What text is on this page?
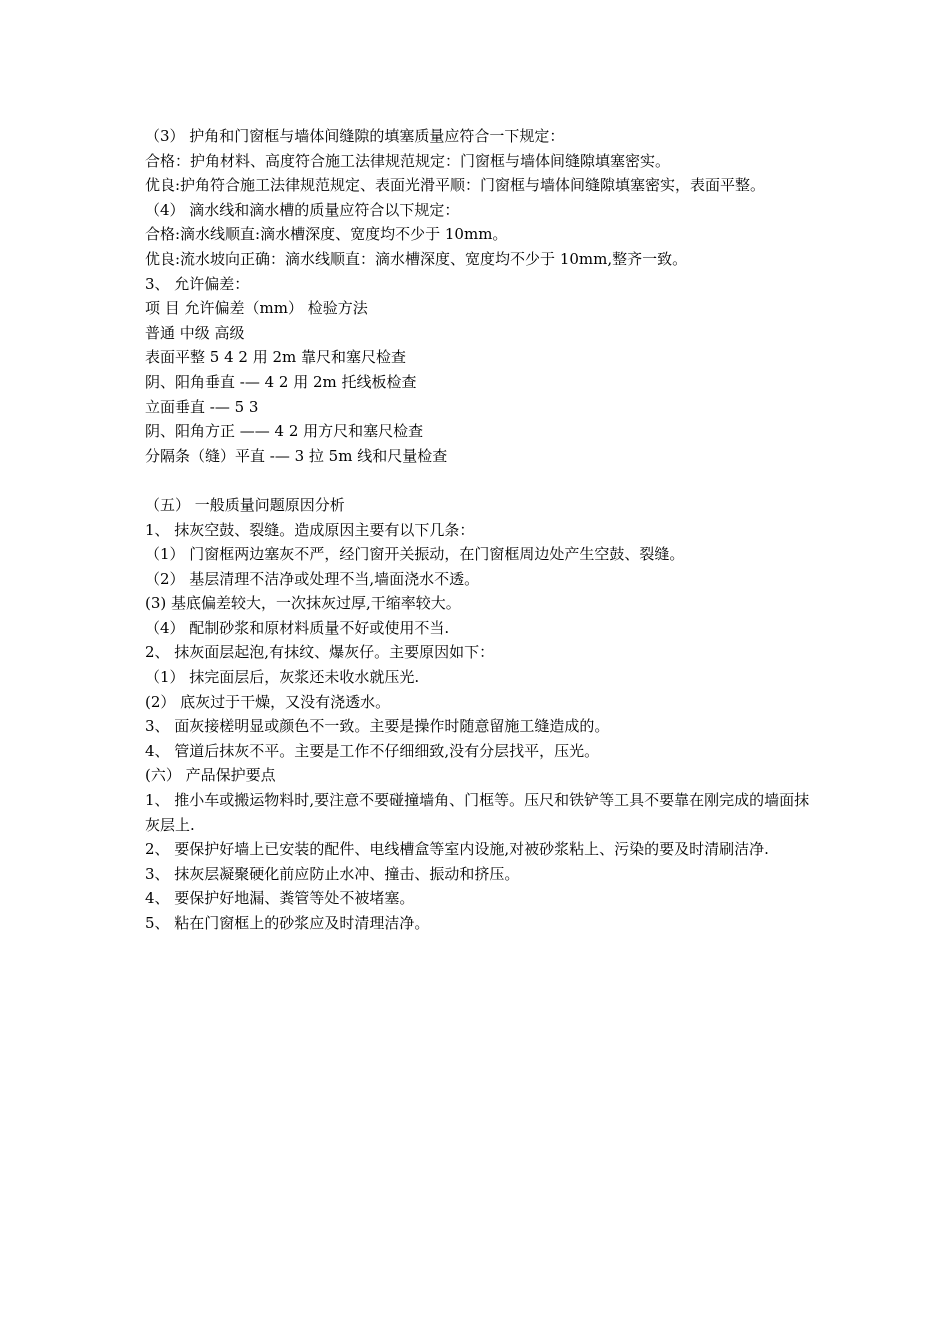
（3） 护角和门窗框与墙体间缝隙的填塞质量应符合一下规定：

合格：护角材料、高度符合施工法律规范规定：门窗框与墙体间缝隙填塞密实。

优良:护角符合施工法律规范规定、表面光滑平顺：门窗框与墙体间缝隙填塞密实，表面平整。

（4） 滴水线和滴水槽的质量应符合以下规定：

合格:滴水线顺直:滴水槽深度、宽度均不少于 10mm。

优良:流水坡向正确：滴水线顺直：滴水槽深度、宽度均不少于 10mm,整齐一致。

3、 允许偏差：

项 目 允许偏差（mm） 检验方法

普通 中级 高级

表面平整 5 4 2 用 2m 靠尺和塞尺检查

阴、阳角垂直 -— 4 2 用 2m 托线板检查

立面垂直 -— 5 3

阴、阳角方正 —— 4 2 用方尺和塞尺检查

分隔条（缝）平直 -— 3 拉 5m 线和尺量检查

（五） 一般质量问题原因分析

1、 抹灰空鼓、裂缝。造成原因主要有以下几条：

（1） 门窗框两边塞灰不严，经门窗开关振动，在门窗框周边处产生空鼓、裂缝。

（2） 基层清理不洁净或处理不当,墙面浇水不透。

(3) 基底偏差较大，一次抹灰过厚,干缩率较大。

（4） 配制砂浆和原材料质量不好或使用不当.

2、 抹灰面层起泡,有抹纹、爆灰仔。主要原因如下：

（1） 抹完面层后，灰浆还未收水就压光.

(2） 底灰过于干燥，又没有浇透水。

3、 面灰接槎明显或颜色不一致。主要是操作时随意留施工缝造成的。

4、 管道后抹灰不平。主要是工作不仔细细致,没有分层找平，压光。

(六） 产品保护要点

1、 推小车或搬运物料时,要注意不要碰撞墙角、门框等。压尺和铁铲等工具不要靠在刚完成的墙面抹灰层上.

2、 要保护好墙上已安装的配件、电线槽盒等室内设施,对被砂浆粘上、污染的要及时清刷洁净.

3、 抹灰层凝聚硬化前应防止水冲、撞击、振动和挤压。

4、 要保护好地漏、粪管等处不被堵塞。

5、 粘在门窗框上的砂浆应及时清理洁净。
